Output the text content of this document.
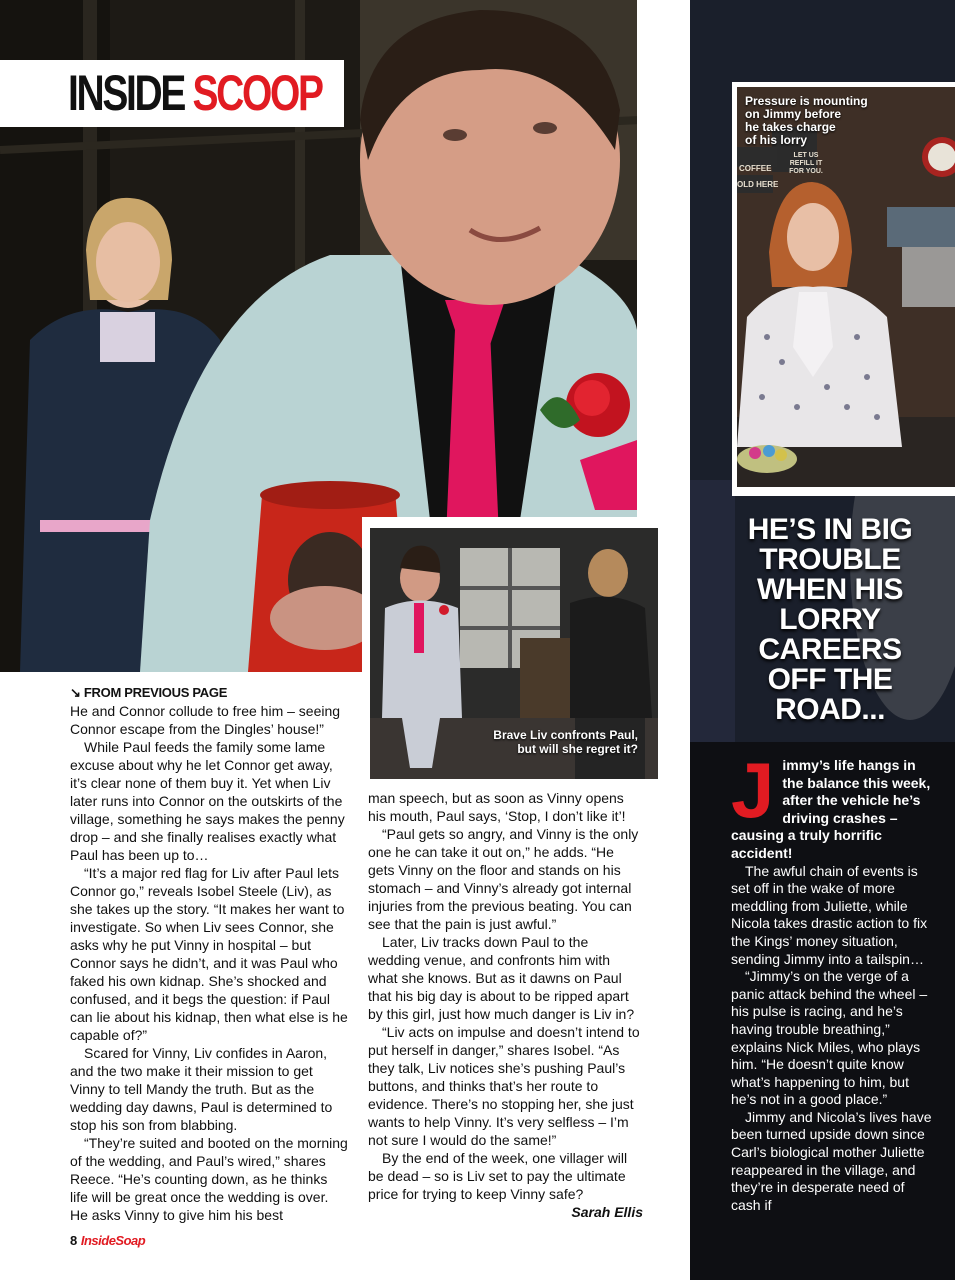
INSIDE SCOOP
Brave Liv confronts Paul, but will she regret it?
↘ FROM PREVIOUS PAGE

He and Connor collude to free him – seeing Connor escape from the Dingles’ house!”

While Paul feeds the family some lame excuse about why he let Connor get away, it’s clear none of them buy it. Yet when Liv later runs into Connor on the outskirts of the village, something he says makes the penny drop – and she finally realises exactly what Paul has been up to…

“It’s a major red flag for Liv after Paul lets Connor go,” reveals Isobel Steele (Liv), as she takes up the story. “It makes her want to investigate. So when Liv sees Connor, she asks why he put Vinny in hospital – but Connor says he didn’t, and it was Paul who faked his own kidnap. She’s shocked and confused, and it begs the question: if Paul can lie about his kidnap, then what else is he capable of?”

Scared for Vinny, Liv confides in Aaron, and the two make it their mission to get Vinny to tell Mandy the truth. But as the wedding day dawns, Paul is determined to stop his son from blabbing.

“They’re suited and booted on the morning of the wedding, and Paul’s wired,” shares Reece. “He’s counting down, as he thinks life will be great once the wedding is over. He asks Vinny to give him his best

man speech, but as soon as Vinny opens his mouth, Paul says, ‘Stop, I don’t like it’!

“Paul gets so angry, and Vinny is the only one he can take it out on,” he adds. “He gets Vinny on the floor and stands on his stomach – and Vinny’s already got internal injuries from the previous beating. You can see that the pain is just awful.”

Later, Liv tracks down Paul to the wedding venue, and confronts him with what she knows. But as it dawns on Paul that his big day is about to be ripped apart by this girl, just how much danger is Liv in?

“Liv acts on impulse and doesn’t intend to put herself in danger,” shares Isobel. “As they talk, Liv notices she’s pushing Paul’s buttons, and thinks that’s her route to evidence. There’s no stopping her, she just wants to help Vinny. It’s very selfless – I’m not sure I would do the same!”

By the end of the week, one villager will be dead – so is Liv set to pay the ultimate price for trying to keep Vinny safe?

Sarah Ellis
LET US REFILL IT FOR YOU.
COFFEE
OLD HERE
Pressure is mounting
on Jimmy before
he takes charge
of his lorry
HE’S IN BIG
TROUBLE
WHEN HIS
LORRY
CAREERS
OFF THE
ROAD...
J immy’s life hangs in the balance this week, after the vehicle he’s driving crashes – causing a truly horrific accident!

The awful chain of events is set off in the wake of more meddling from Juliette, while Nicola takes drastic action to fix the Kings’ money situation, sending Jimmy into a tailspin…

“Jimmy’s on the verge of a panic attack behind the wheel – his pulse is racing, and he’s having trouble breathing,” explains Nick Miles, who plays him. “He doesn’t quite know what’s happening to him, but he’s not in a good place.”

Jimmy and Nicola’s lives have been turned upside down since Carl’s biological mother Juliette reappeared in the village, and they’re in desperate need of cash if

8 InsideSoap
